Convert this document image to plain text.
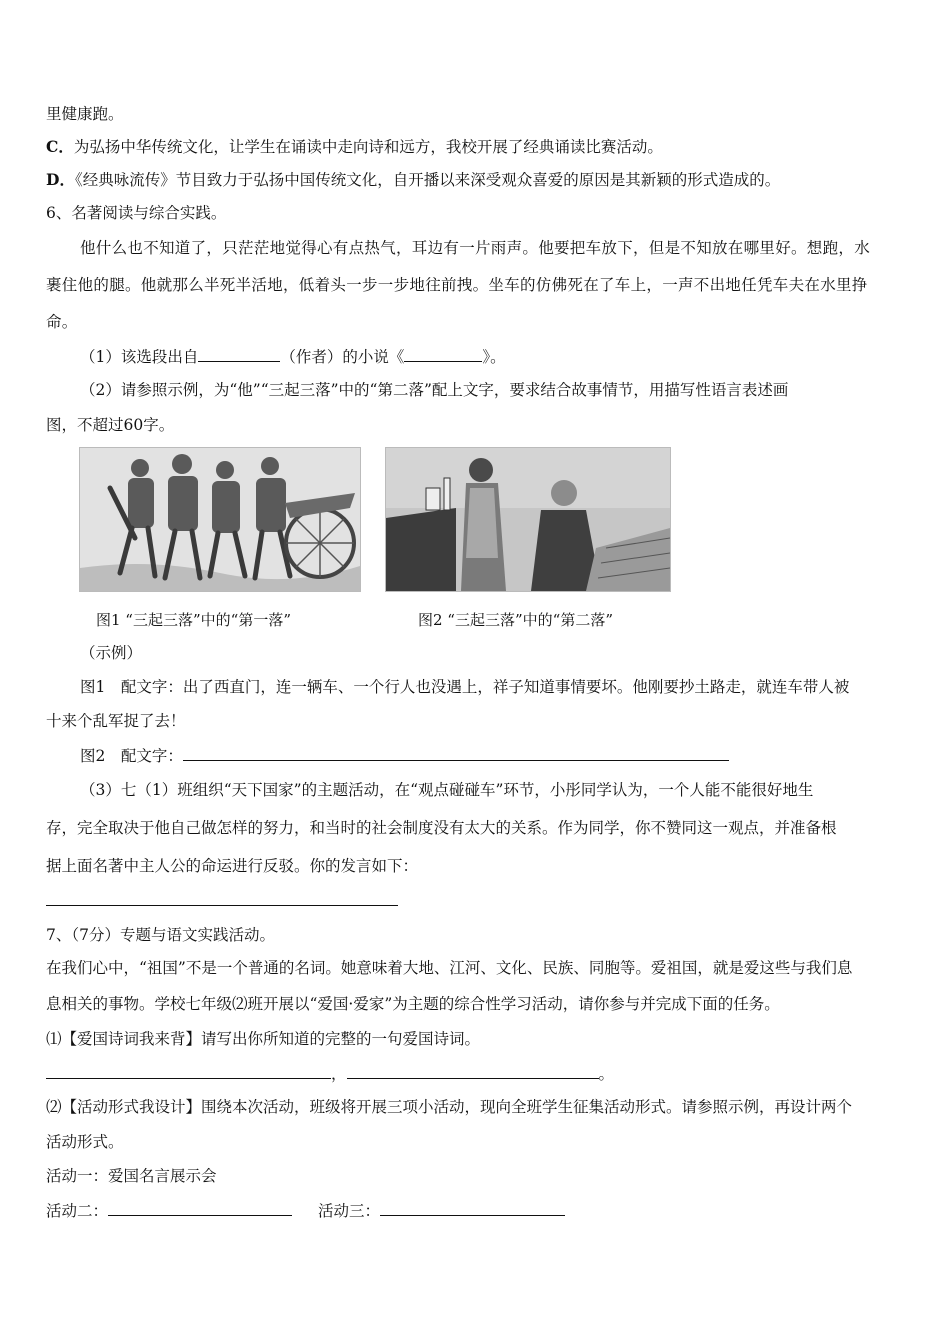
里健康跑。
C．为弘扬中华传统文化，让学生在诵读中走向诗和远方，我校开展了经典诵读比赛活动。
D．《经典咏流传》节目致力于弘扬中国传统文化，自开播以来深受观众喜爱的原因是其新颖的形式造成的。
6、名著阅读与综合实践。
他什么也不知道了，只茫茫地觉得心有点热气，耳边有一片雨声。他要把车放下，但是不知放在哪里好。想跑，水
裹住他的腿。他就那么半死半活地，低着头一步一步地往前拽。坐车的仿佛死在了车上，一声不出地任凭车夫在水里挣
命。
（1）该选段出自	（作者）的小说《	》。
（2）请参照示例，为“他”“三起三落”中的“第二落”配上文字，要求结合故事情节，用描写性语言表述画
图，不超过60字。
图1 “三起三落”中的“第一落”	图2 “三起三落”中的“第二落”
（示例）
图1　配文字：出了西直门，连一辆车、一个行人也没遇上，祥子知道事情要坏。他刚要抄土路走，就连车带人被
十来个乱军捉了去！
图2　配文字：
（3）七（1）班组织“天下国家”的主题活动，在“观点碰碰车”环节，小彤同学认为，一个人能不能很好地生
存，完全取决于他自己做怎样的努力，和当时的社会制度没有太大的关系。作为同学，你不赞同这一观点，并准备根
据上面名著中主人公的命运进行反驳。你的发言如下：
7、（7分）专题与语文实践活动。
在我们心中，“祖国”不是一个普通的名词。她意味着大地、江河、文化、民族、同胞等。爱祖国，就是爱这些与我们息
息相关的事物。学校七年级⑵班开展以“爱国·爱家”为主题的综合性学习活动，请你参与并完成下面的任务。
⑴【爱国诗词我来背】请写出你所知道的完整的一句爱国诗词。
，	。
⑵【活动形式我设计】围绕本次活动，班级将开展三项小活动，现向全班学生征集活动形式。请参照示例，再设计两个
活动形式。
活动一：爱国名言展示会
活动二：	活动三：
